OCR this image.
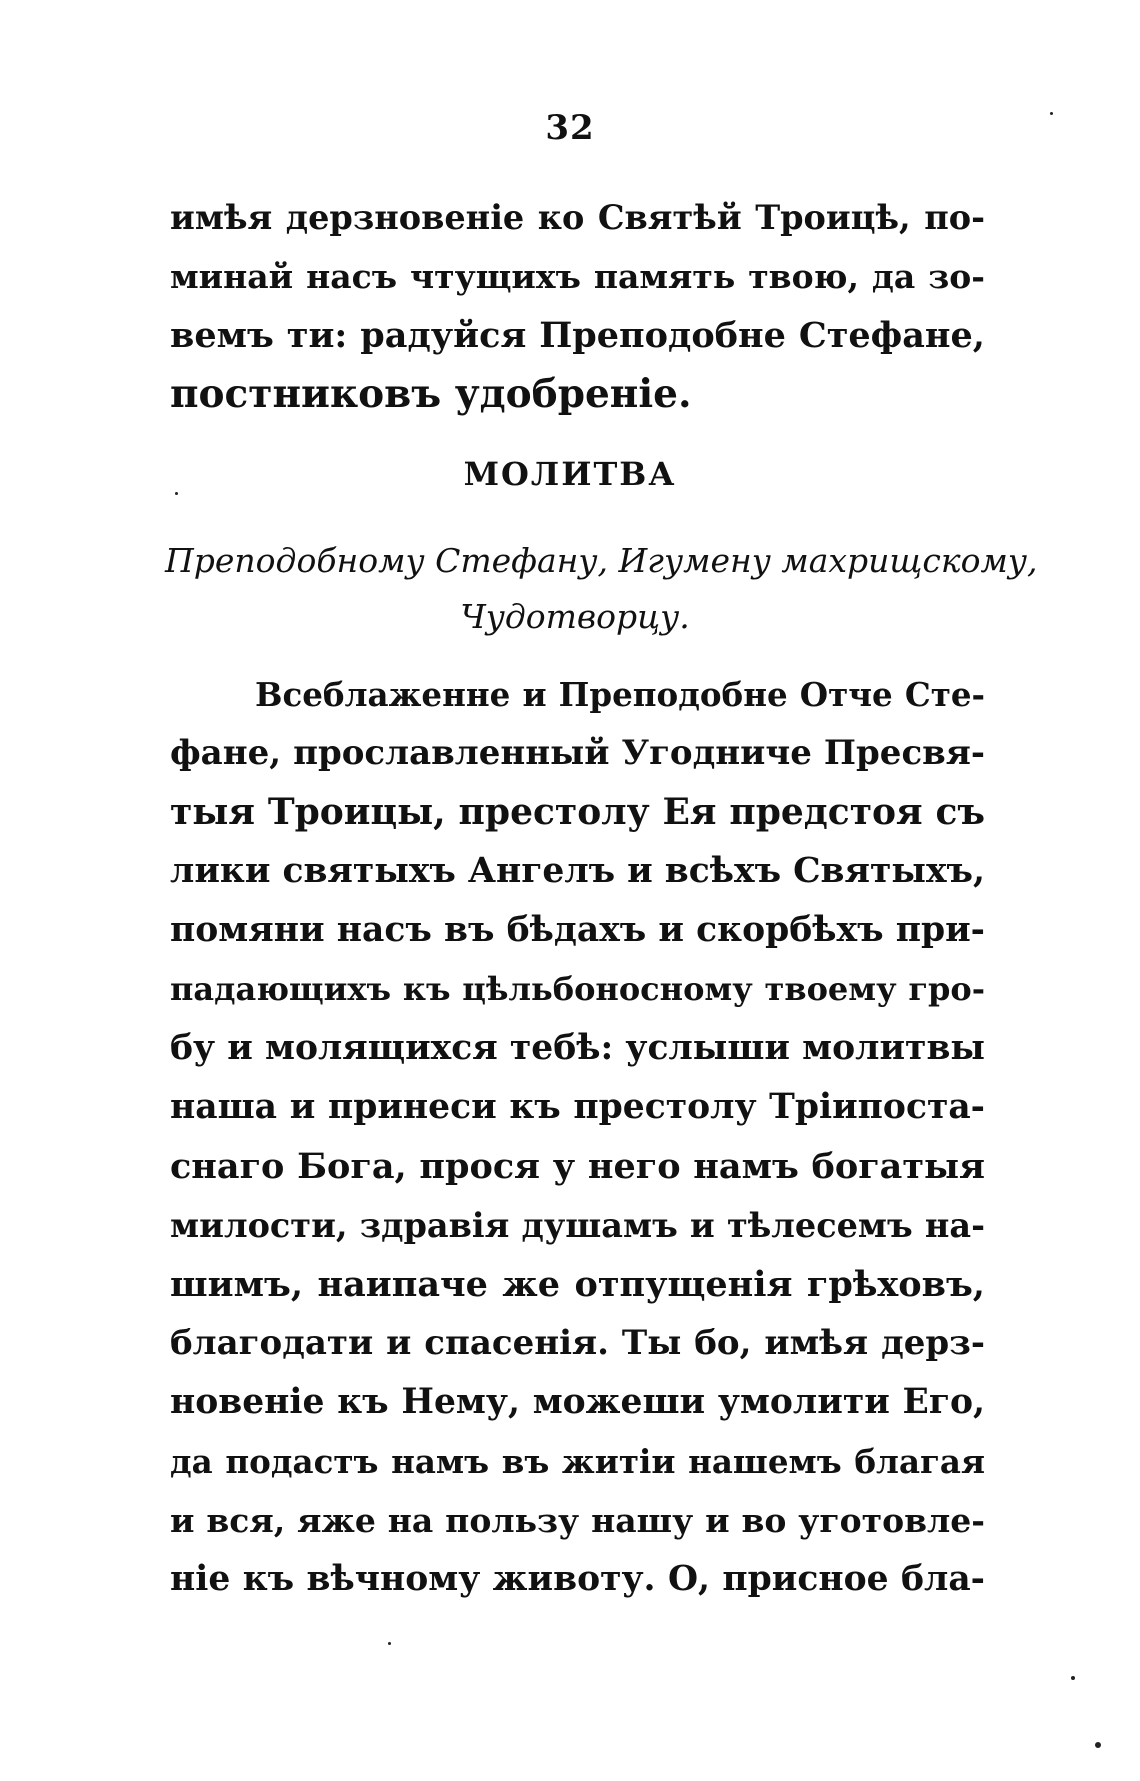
32
имѣя дерзновеніе ко Святѣй Троицѣ, по-
минай насъ чтущихъ память твою, да зо-
вемъ ти: радуйся Преподобне Стефане,
постниковъ удобреніе.
МОЛИТВА
Преподобному Стефану, Игумену махрищскому,
Чудотворцу.
Всеблаженне и Преподобне Отче Сте-
фане, прославленный Угодниче Пресвя-
тыя Троицы, престолу Ея предстоя съ
лики святыхъ Ангелъ и всѣхъ Святыхъ,
помяни насъ въ бѣдахъ и скорбѣхъ при-
падающихъ къ цѣльбоносному твоему гро-
бу и молящихся тебѣ: услыши молитвы
наша и принеси къ престолу Тріипоста-
снаго Бога, прося у него намъ богатыя
милости, здравія душамъ и тѣлесемъ на-
шимъ, наипаче же отпущенія грѣховъ,
благодати и спасенія. Ты бо, имѣя дерз-
новеніе къ Нему, можеши умолити Его,
да подастъ намъ въ житіи нашемъ благая
и вся, яже на пользу нашу и во уготовле-
ніе къ вѣчному животу. О, присное бла-
